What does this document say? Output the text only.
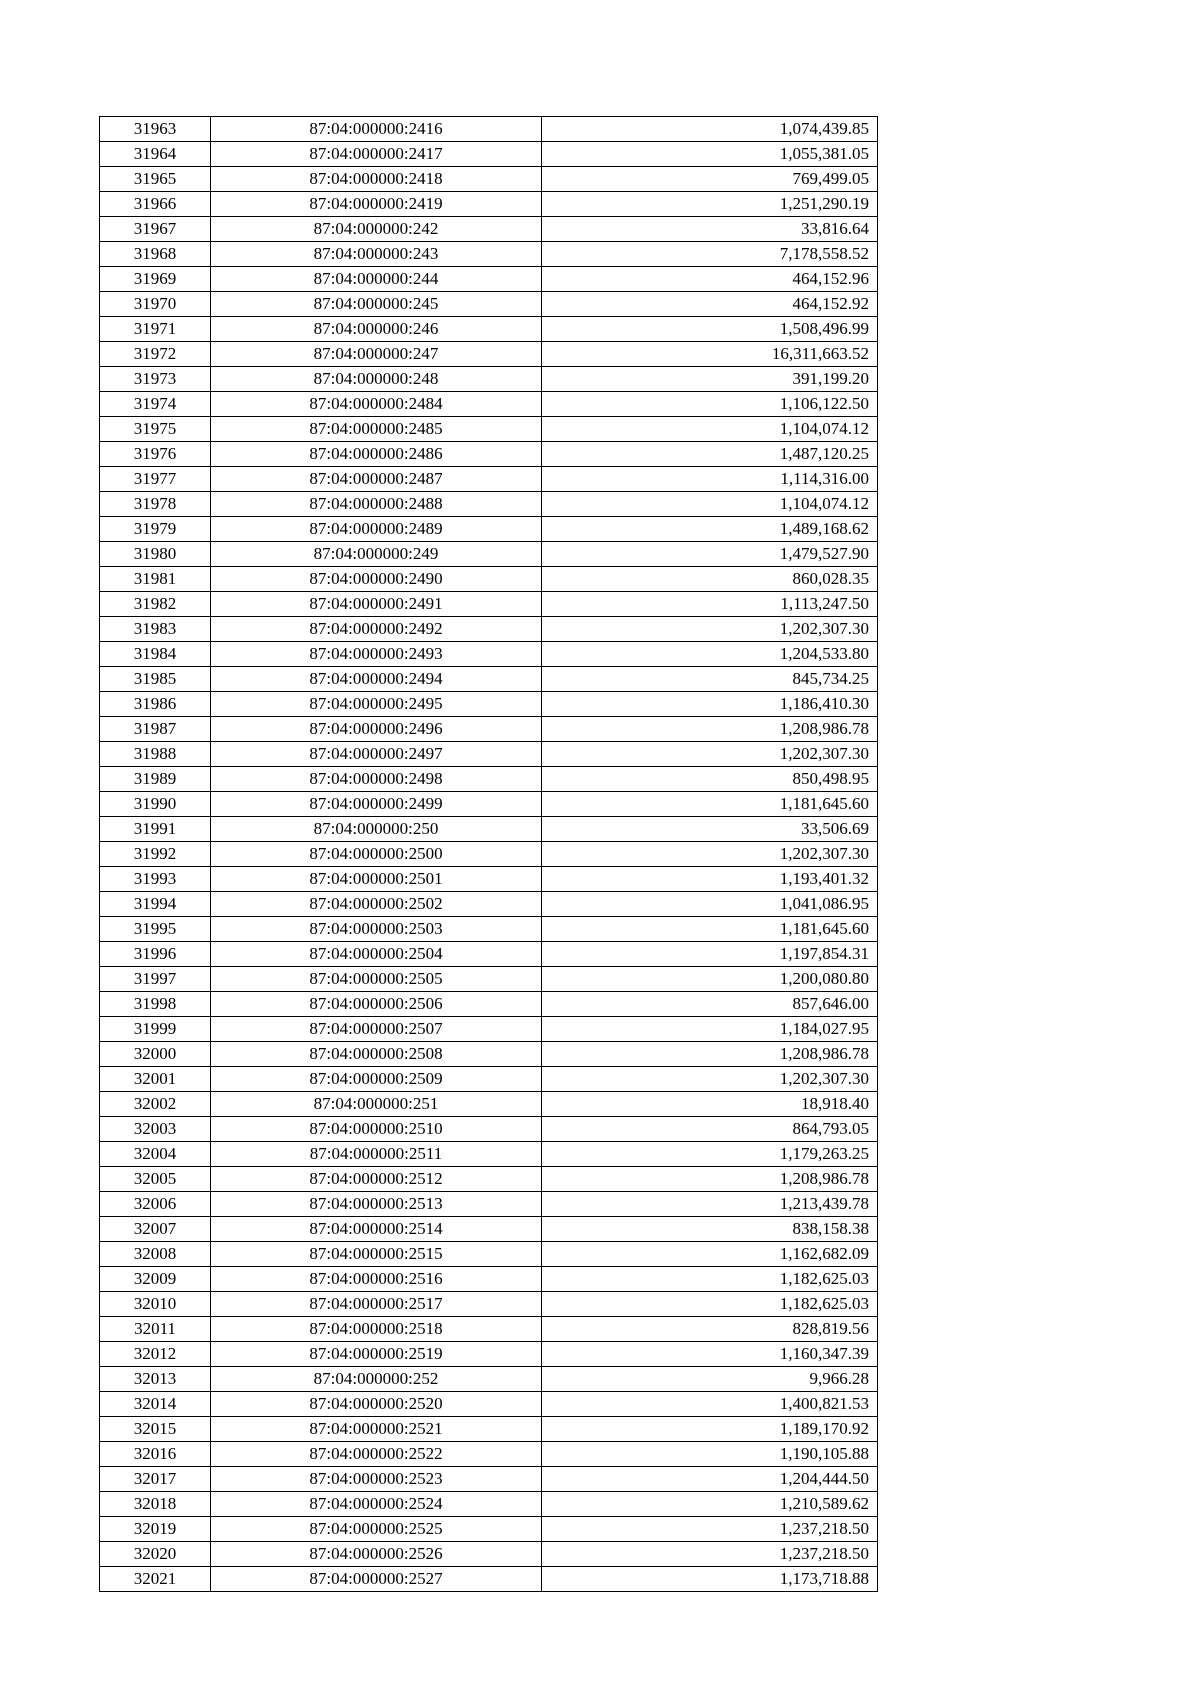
31963	87:04:000000:2416	1,074,439.85
31964	87:04:000000:2417	1,055,381.05
31965	87:04:000000:2418	769,499.05
31966	87:04:000000:2419	1,251,290.19
31967	87:04:000000:242	33,816.64
31968	87:04:000000:243	7,178,558.52
31969	87:04:000000:244	464,152.96
31970	87:04:000000:245	464,152.92
31971	87:04:000000:246	1,508,496.99
31972	87:04:000000:247	16,311,663.52
31973	87:04:000000:248	391,199.20
31974	87:04:000000:2484	1,106,122.50
31975	87:04:000000:2485	1,104,074.12
31976	87:04:000000:2486	1,487,120.25
31977	87:04:000000:2487	1,114,316.00
31978	87:04:000000:2488	1,104,074.12
31979	87:04:000000:2489	1,489,168.62
31980	87:04:000000:249	1,479,527.90
31981	87:04:000000:2490	860,028.35
31982	87:04:000000:2491	1,113,247.50
31983	87:04:000000:2492	1,202,307.30
31984	87:04:000000:2493	1,204,533.80
31985	87:04:000000:2494	845,734.25
31986	87:04:000000:2495	1,186,410.30
31987	87:04:000000:2496	1,208,986.78
31988	87:04:000000:2497	1,202,307.30
31989	87:04:000000:2498	850,498.95
31990	87:04:000000:2499	1,181,645.60
31991	87:04:000000:250	33,506.69
31992	87:04:000000:2500	1,202,307.30
31993	87:04:000000:2501	1,193,401.32
31994	87:04:000000:2502	1,041,086.95
31995	87:04:000000:2503	1,181,645.60
31996	87:04:000000:2504	1,197,854.31
31997	87:04:000000:2505	1,200,080.80
31998	87:04:000000:2506	857,646.00
31999	87:04:000000:2507	1,184,027.95
32000	87:04:000000:2508	1,208,986.78
32001	87:04:000000:2509	1,202,307.30
32002	87:04:000000:251	18,918.40
32003	87:04:000000:2510	864,793.05
32004	87:04:000000:2511	1,179,263.25
32005	87:04:000000:2512	1,208,986.78
32006	87:04:000000:2513	1,213,439.78
32007	87:04:000000:2514	838,158.38
32008	87:04:000000:2515	1,162,682.09
32009	87:04:000000:2516	1,182,625.03
32010	87:04:000000:2517	1,182,625.03
32011	87:04:000000:2518	828,819.56
32012	87:04:000000:2519	1,160,347.39
32013	87:04:000000:252	9,966.28
32014	87:04:000000:2520	1,400,821.53
32015	87:04:000000:2521	1,189,170.92
32016	87:04:000000:2522	1,190,105.88
32017	87:04:000000:2523	1,204,444.50
32018	87:04:000000:2524	1,210,589.62
32019	87:04:000000:2525	1,237,218.50
32020	87:04:000000:2526	1,237,218.50
32021	87:04:000000:2527	1,173,718.88
